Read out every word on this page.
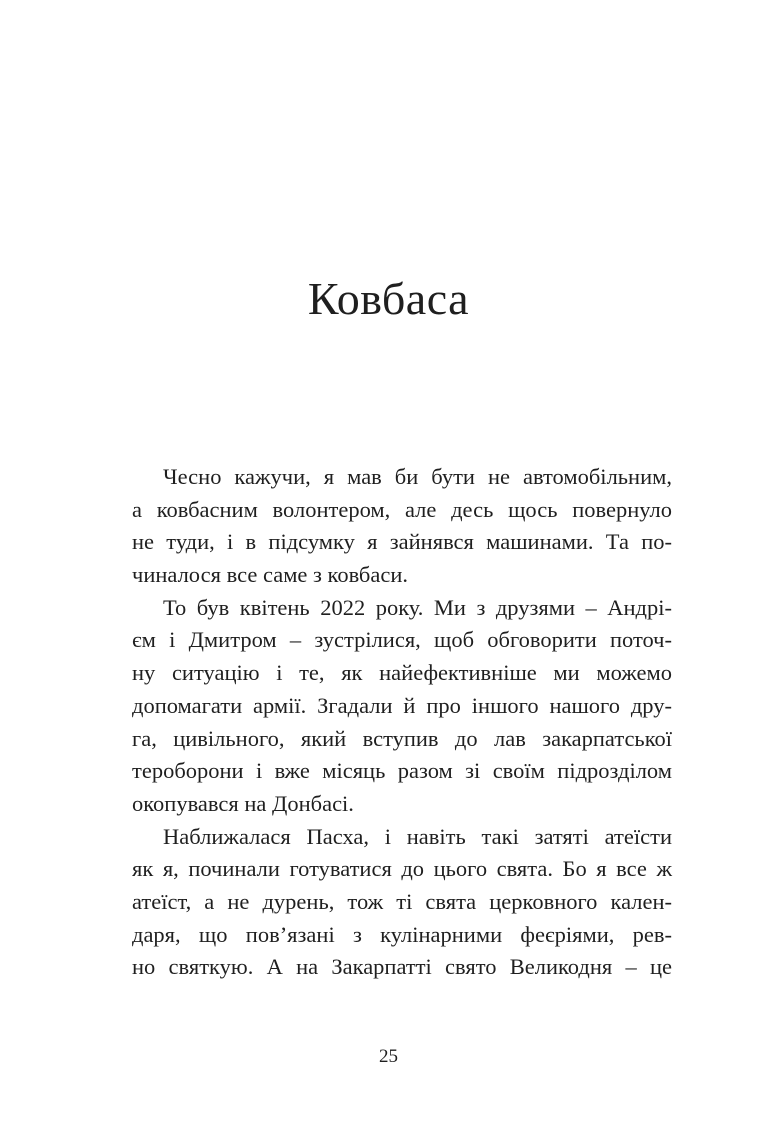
Ковбаса
Чесно кажучи, я мав би бути не автомобільним,
а ковбасним волонтером, але десь щось повернуло
не туди, і в підсумку я зайнявся машинами. Та по-
чиналося все саме з ковбаси.
То був квітень 2022 року. Ми з друзями – Андрі-
єм і Дмитром – зустрілися, щоб обговорити поточ-
ну ситуацію і те, як найефективніше ми можемо
допомагати армії. Згадали й про іншого нашого дру-
га, цивільного, який вступив до лав закарпатської
тероборони і вже місяць разом зі своїм підрозділом
окопувався на Донбасі.
Наближалася Пасха, і навіть такі затяті атеїсти
як я, починали готуватися до цього свята. Бо я все ж
атеїст, а не дурень, тож ті свята церковного кален-
даря, що пов’язані з кулінарними феєріями, рев-
но святкую. А на Закарпатті свято Великодня – це
25
